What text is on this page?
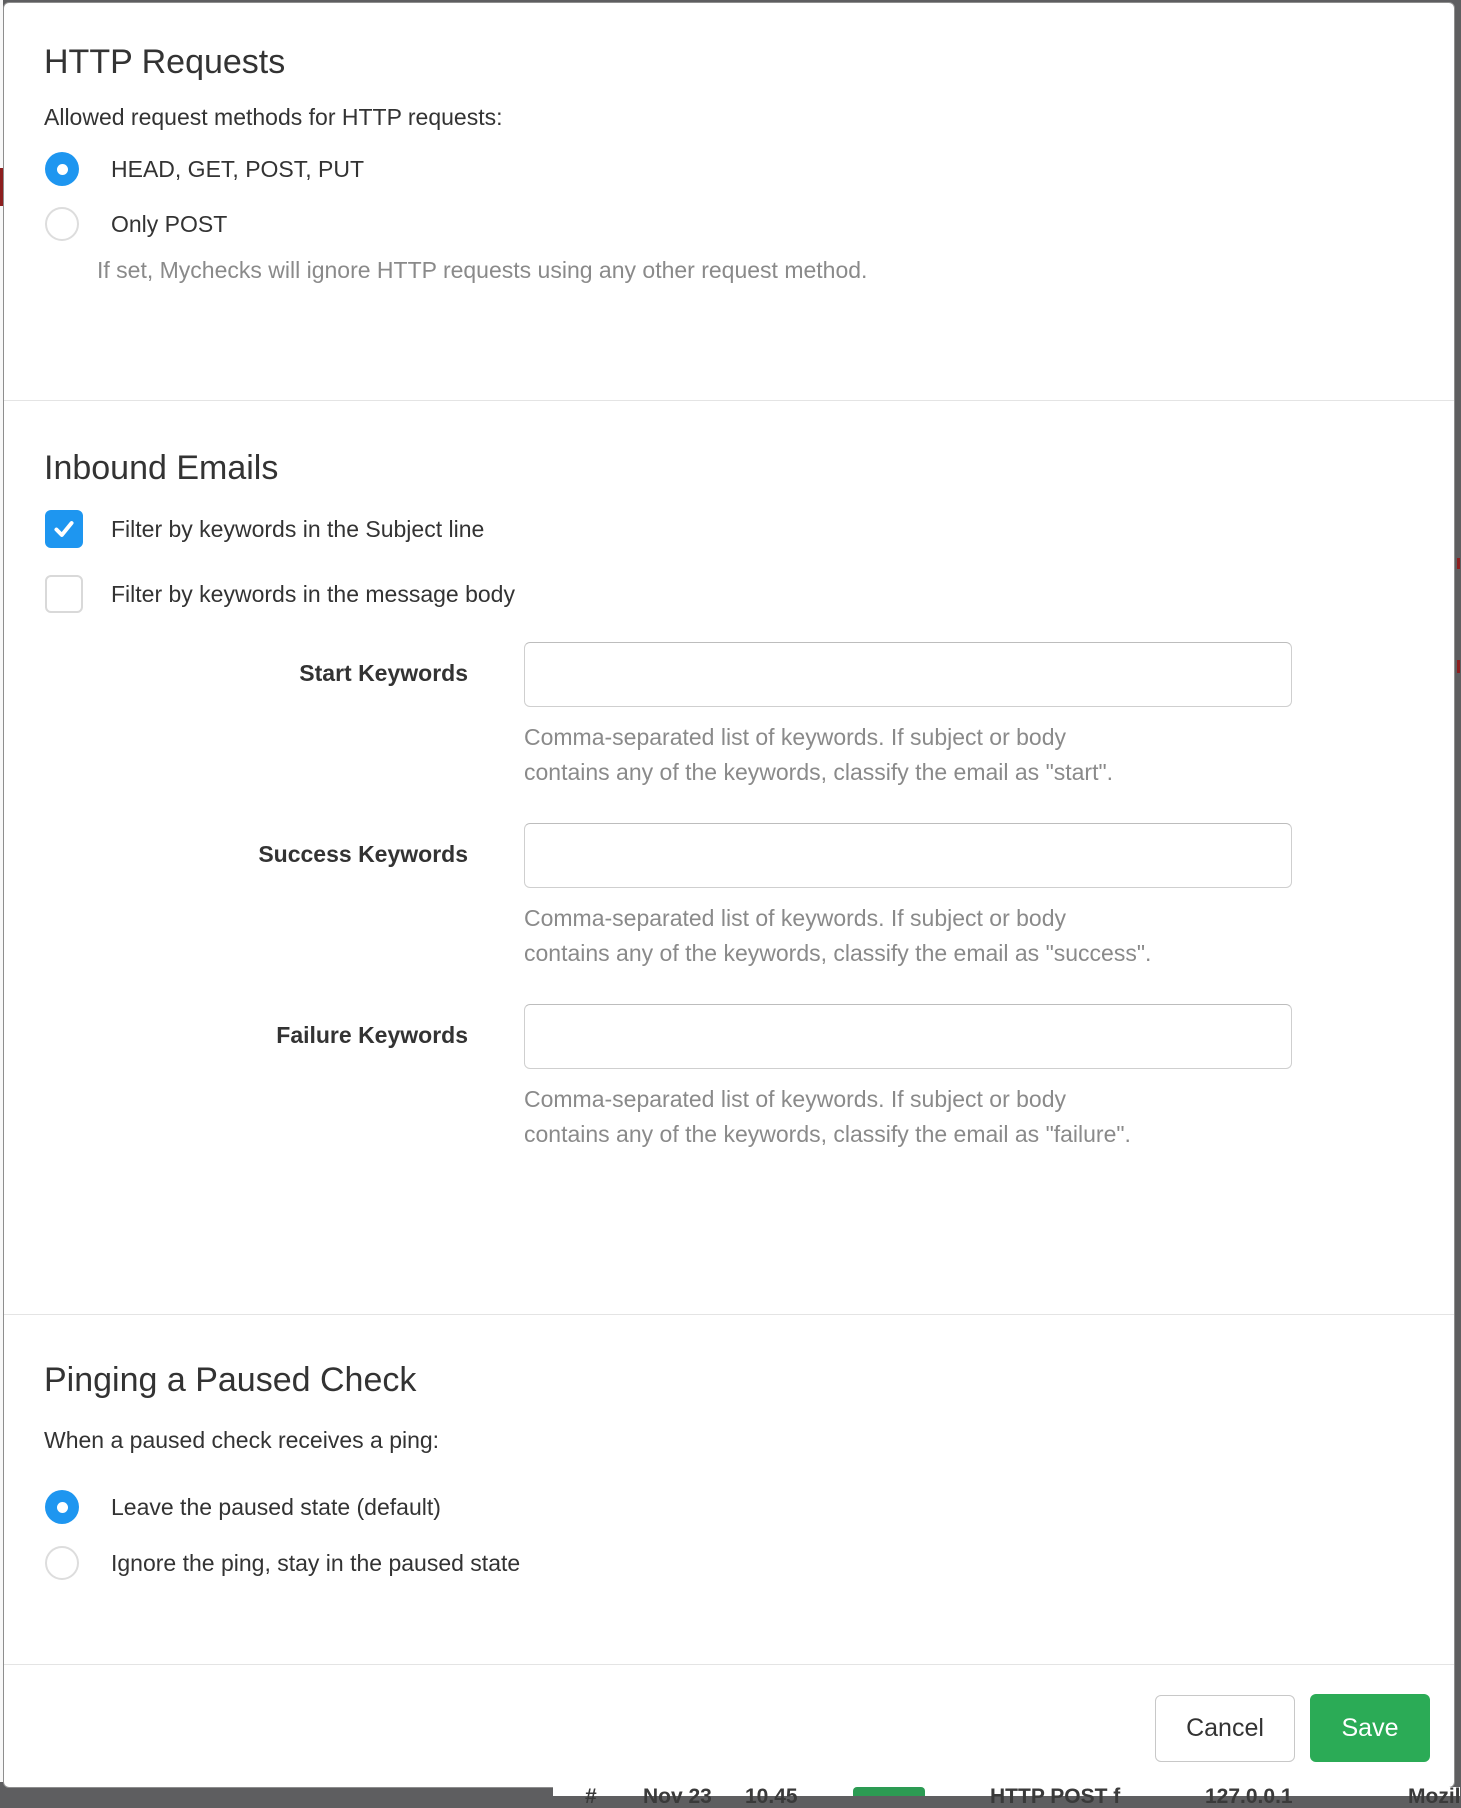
HTTP Requests
Allowed request methods for HTTP requests:
HEAD, GET, POST, PUT
Only POST
If set, Mychecks will ignore HTTP requests using any other request method.
Inbound Emails
Filter by keywords in the Subject line
Filter by keywords in the message body
Start Keywords
Comma-separated list of keywords. If subject or body
contains any of the keywords, classify the email as "start".
Success Keywords
Comma-separated list of keywords. If subject or body
contains any of the keywords, classify the email as "success".
Failure Keywords
Comma-separated list of keywords. If subject or body
contains any of the keywords, classify the email as "failure".
Pinging a Paused Check
When a paused check receives a ping:
Leave the paused state (default)
Ignore the ping, stay in the paused state
Cancel	Save
# Nov 23 10.45	HTTP POST f	127.0.0.1	Mozil
